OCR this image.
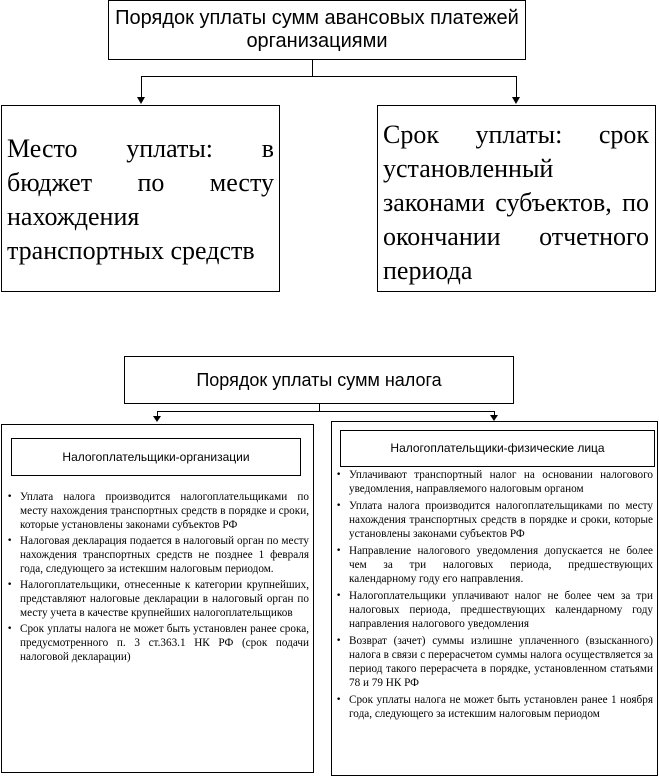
Порядок уплаты сумм авансовых платежей организациями
Место уплаты: в бюджет по месту нахождения транспортных средств
Срок уплаты: срок установленный законами субъектов, по окончании отчетного периода
Порядок уплаты сумм налога
Налогоплательщики-организации
• Уплата налога производится налогоплательщиками по месту нахождения транспортных средств в порядке и сроки, которые установлены законами субъектов РФ
• Налоговая декларация подается в налоговый орган по месту нахождения транспортных средств не позднее 1 февраля года, следующего за истекшим налоговым периодом.
• Налогоплательщики, отнесенные к категории крупнейших, представляют налоговые декларации в налоговый орган по месту учета в качестве крупнейших налогоплательщиков
• Срок уплаты налога не может быть установлен ранее срока, предусмотренного п. 3 ст.363.1 НК РФ (срок подачи налоговой декларации)
Налогоплательщики-физические лица
• Уплачивают транспортный налог на основании налогового уведомления, направляемого налоговым органом
• Уплата налога производится налогоплательщиками по месту нахождения транспортных средств в порядке и сроки, которые установлены законами субъектов РФ
• Направление налогового уведомления допускается не более чем за три налоговых периода, предшествующих календарному году его направления.
• Налогоплательщики уплачивают налог не более чем за три налоговых периода, предшествующих календарному году направления налогового уведомления
• Возврат (зачет) суммы излишне уплаченного (взысканного) налога в связи с перерасчетом суммы налога осуществляется за период такого перерасчета в порядке, установленном статьями 78 и 79 НК РФ
• Срок уплаты налога не может быть установлен ранее 1 ноября года, следующего за истекшим налоговым периодом
